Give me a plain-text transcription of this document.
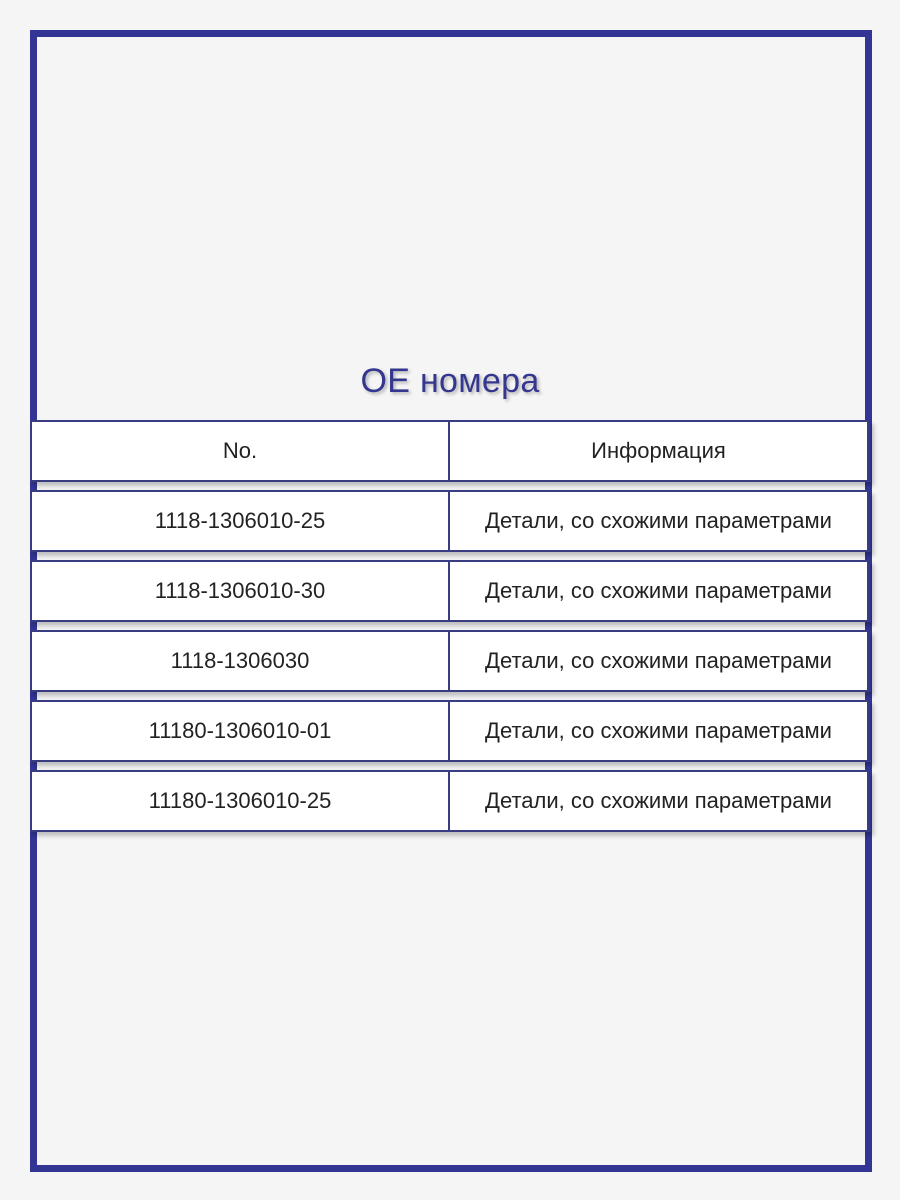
OE номера
No.	Информация
1118-1306010-25	Детали, со схожими параметрами
1118-1306010-30	Детали, со схожими параметрами
1118-1306030	Детали, со схожими параметрами
11180-1306010-01	Детали, со схожими параметрами
11180-1306010-25	Детали, со схожими параметрами
